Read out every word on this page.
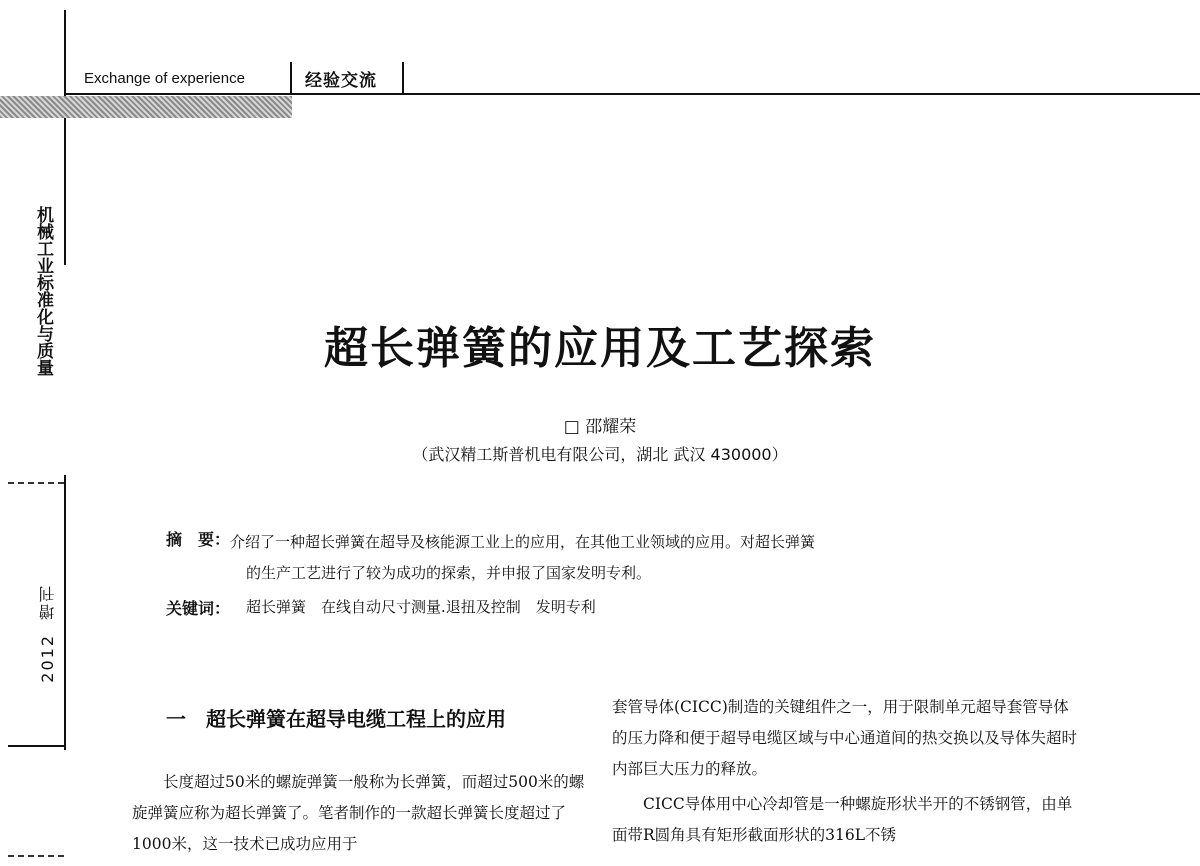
Exchange of experience	经验交流
机械工业标准化与质量
2012增刊
超长弹簧的应用及工艺探索
□ 邵耀荣
（武汉精工斯普机电有限公司，湖北 武汉 430000）
摘　要： 介绍了一种超长弹簧在超导及核能源工业上的应用，在其他工业领域的应用。对超长弹簧
的生产工艺进行了较为成功的探索，并申报了国家发明专利。
关键词： 超长弹簧　在线自动尺寸测量.退扭及控制　发明专利
一　超长弹簧在超导电缆工程上的应用
长度超过50米的螺旋弹簧一般称为长弹簧，而超过500米的螺旋弹簧应称为超长弹簧了。笔者制作的一款超长弹簧长度超过了1000米，这一技术已成功应用于
套管导体(CICC)制造的关键组件之一，用于限制单元超导套管导体的压力降和便于超导电缆区域与中心通道间的热交换以及导体失超时内部巨大压力的释放。
CICC导体用中心冷却管是一种螺旋形状半开的不锈钢管，由单面带R圆角具有矩形截面形状的316L不锈
